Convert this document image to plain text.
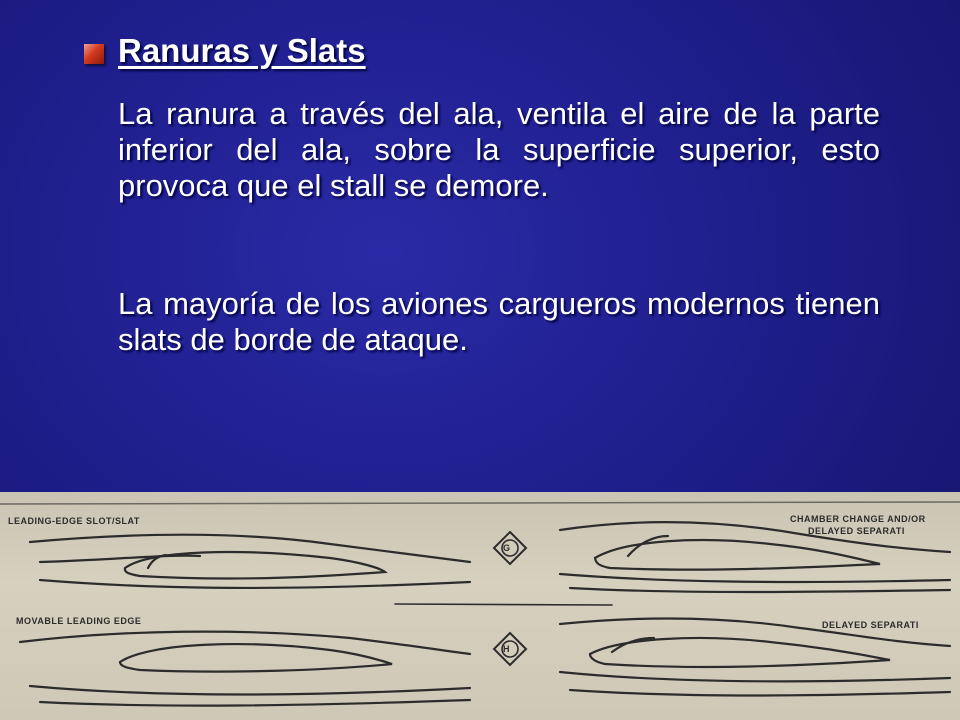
Ranuras y Slats

La ranura a través del ala, ventila el aire de la parte inferior del ala, sobre la superficie superior, esto provoca que el stall se demore.

La mayoría de los aviones cargueros modernos tienen slats de borde de ataque.

LEADING-EDGE SLOT/SLAT	CHAMBER CHANGE AND/OR
DELAYED SEPARATI
MOVABLE LEADING EDGE	DELAYED SEPARATI
G
H
